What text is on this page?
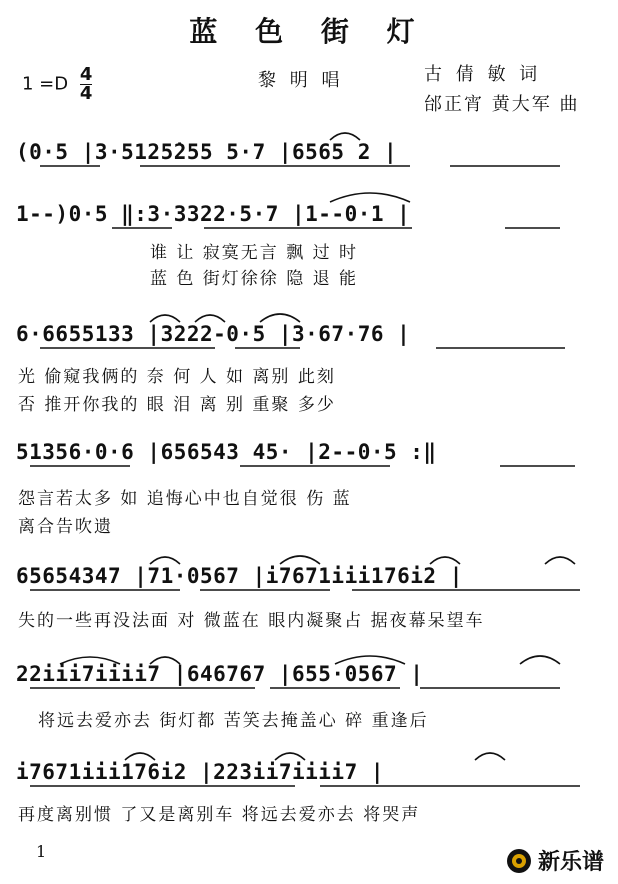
蓝 色 街 灯
$1 =D \frac{4}{4}$	黎 明 唱	古 倩 敏 词
邰正宵 黄大军 曲
(0·5 |3·5125̇255 5·7 |6565 2 |
1--)0·5 ‖:3·3322·5·7 |1--0·1 |
谁 让 寂寞无言 飘 过 时
蓝 色 街灯徐徐 隐 退 能
6·6655133 |3222-0·5 |3·67·76 |
光 偷窥我俩的 奈 何 人 如 离别 此刻
否 推开你我的 眼 泪 离 别 重聚 多少
51356·0·6 |656543 45· |2--0·5 :‖
怨言若太多 如 追悔心中也自觉很 伤 蓝
离合告吹遗
65654347 |71·0567 |i7671iii176i2 |
失的一些再没法面 对 微蓝在 眼内凝聚占 据夜幕呆望车
22iii7iiii7 |646767 |655·0567 |
将远去爱亦去 街灯都 苦笑去掩盖心 碎 重逢后
i7671iii176i2 |223ii7iiii7 |
再度离别惯 了又是离别车 将远去爱亦去 将哭声
1	新乐谱
